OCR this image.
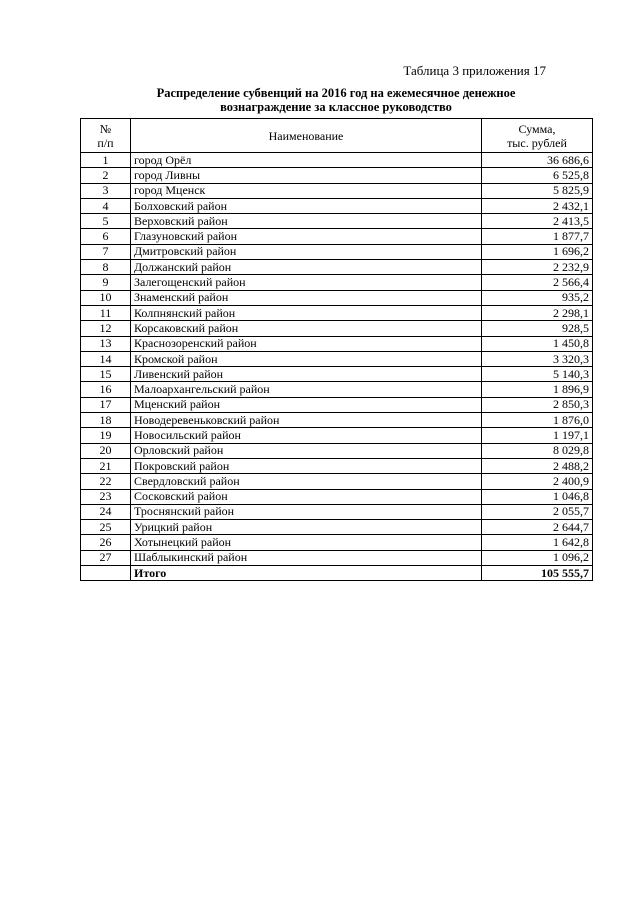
Таблица 3 приложения 17
Распределение субвенций на 2016 год на ежемесячное денежное
вознаграждение за классное руководство
№
п/п	Наименование	Сумма,
тыс. рублей

1	город Орёл	36 686,6
2	город Ливны	6 525,8
3	город Мценск	5 825,9
4	Болховский район	2 432,1
5	Верховский район	2 413,5
6	Глазуновский район	1 877,7
7	Дмитровский район	1 696,2
8	Должанский район	2 232,9
9	Залегощенский район	2 566,4
10	Знаменский район	935,2
11	Колпнянский район	2 298,1
12	Корсаковский район	928,5
13	Краснозоренский район	1 450,8
14	Кромской район	3 320,3
15	Ливенский район	5 140,3
16	Малоархангельский район	1 896,9
17	Мценский район	2 850,3
18	Новодеревеньковский район	1 876,0
19	Новосильский район	1 197,1
20	Орловский район	8 029,8
21	Покровский район	2 488,2
22	Свердловский район	2 400,9
23	Сосковский район	1 046,8
24	Троснянский район	2 055,7
25	Урицкий район	2 644,7
26	Хотынецкий район	1 642,8
27	Шаблыкинский район	1 096,2
	Итого	105 555,7
